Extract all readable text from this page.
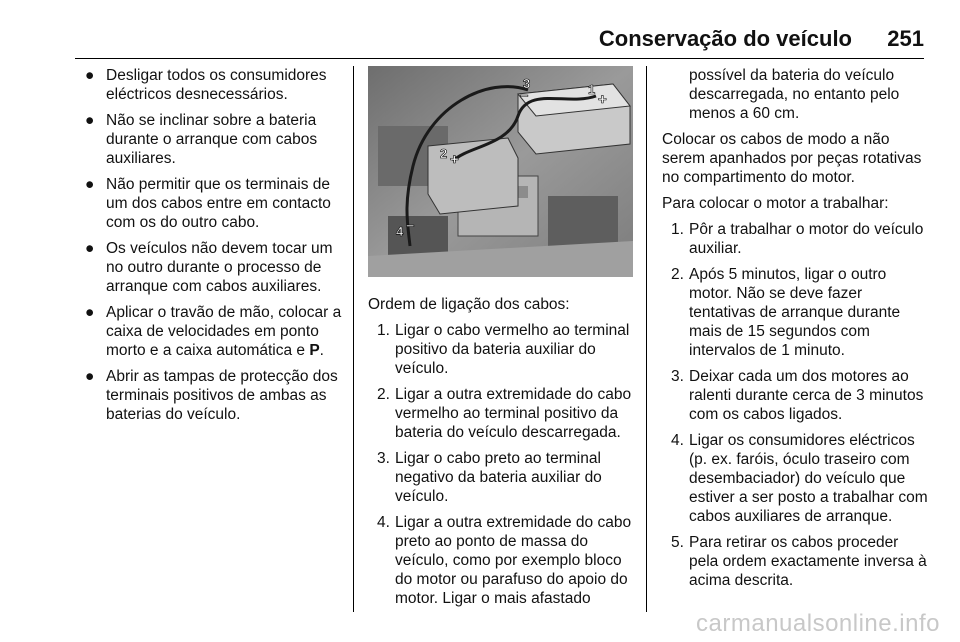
Conservação do veículo 251
● Desligar todos os consumidores eléctricos desnecessários.
● Não se inclinar sobre a bateria durante o arranque com cabos auxiliares.
● Não permitir que os terminais de um dos cabos entre em contacto com os do outro cabo.
● Os veículos não devem tocar um no outro durante o processo de arranque com cabos auxiliares.
● Aplicar o travão de mão, colocar a caixa de velocidades em ponto morto e a caixa automática e P.
● Abrir as tampas de protecção dos terminais positivos de ambas as baterias do veículo.
1
+
3
–
2 +
4 –

Ordem de ligação dos cabos:

1. Ligar o cabo vermelho ao terminal positivo da bateria auxiliar do veículo.
2. Ligar a outra extremidade do cabo vermelho ao terminal positivo da bateria do veículo descarregada.
3. Ligar o cabo preto ao terminal negativo da bateria auxiliar do veículo.
4. Ligar a outra extremidade do cabo preto ao ponto de massa do veículo, como por exemplo bloco do motor ou parafuso do apoio do motor. Ligar o mais afastado
possível da bateria do veículo descarregada, no entanto pelo menos a 60 cm.

Colocar os cabos de modo a não serem apanhados por peças rotativas no compartimento do motor.

Para colocar o motor a trabalhar:

1. Pôr a trabalhar o motor do veículo auxiliar.
2. Após 5 minutos, ligar o outro motor. Não se deve fazer tentativas de arranque durante mais de 15 segundos com intervalos de 1 minuto.
3. Deixar cada um dos motores ao ralenti durante cerca de 3 minutos com os cabos ligados.
4. Ligar os consumidores eléctricos (p. ex. faróis, óculo traseiro com desembaciador) do veículo que estiver a ser posto a trabalhar com cabos auxiliares de arranque.
5. Para retirar os cabos proceder pela ordem exactamente inversa à acima descrita.
carmanualsonline.info
